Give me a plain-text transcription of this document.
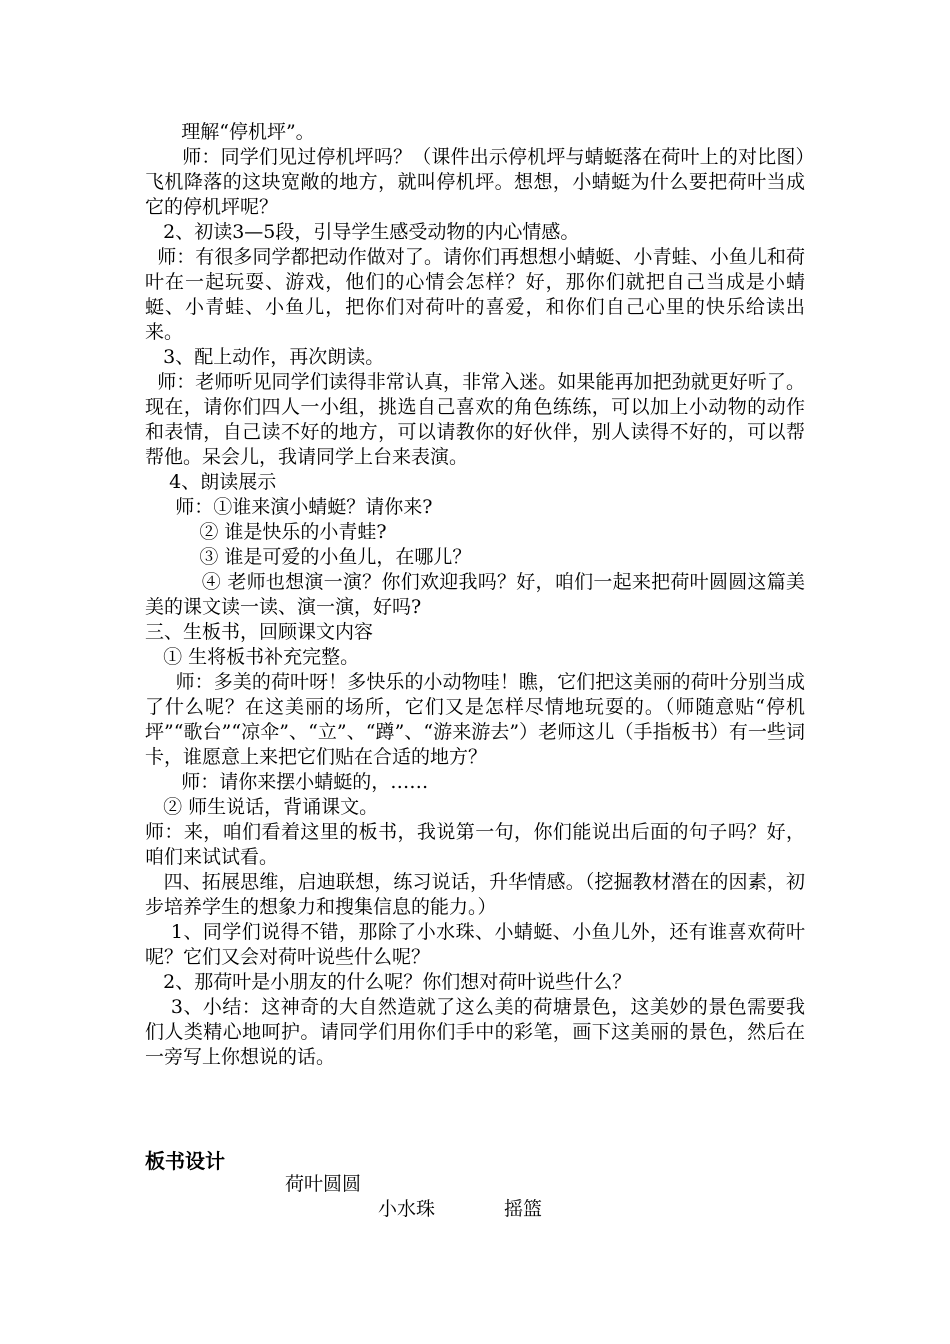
理解“停机坪”。

师：同学们见过停机坪吗？（课件出示停机坪与蜻蜓落在荷叶上的对比图）飞机降落的这块宽敞的地方，就叫停机坪。想想，小蜻蜓为什么要把荷叶当成它的停机坪呢？

2、初读3—5段，引导学生感受动物的内心情感。

师：有很多同学都把动作做对了。请你们再想想小蜻蜓、小青蛙、小鱼儿和荷叶在一起玩耍、游戏，他们的心情会怎样？好，那你们就把自己当成是小蜻蜓、小青蛙、小鱼儿，把你们对荷叶的喜爱，和你们自己心里的快乐给读出来。

3、配上动作，再次朗读。

师：老师听见同学们读得非常认真，非常入迷。如果能再加把劲就更好听了。现在，请你们四人一小组，挑选自己喜欢的角色练练，可以加上小动物的动作和表情，自己读不好的地方，可以请教你的好伙伴，别人读得不好的，可以帮帮他。呆会儿，我请同学上台来表演。

4、朗读展示

师：①谁来演小蜻蜓？请你来?

② 谁是快乐的小青蛙?

③ 谁是可爱的小鱼儿，在哪儿？

④ 老师也想演一演？你们欢迎我吗？好，咱们一起来把荷叶圆圆这篇美美的课文读一读、演一演，好吗?

三、生板书，回顾课文内容

① 生将板书补充完整。

师：多美的荷叶呀！多快乐的小动物哇！瞧，它们把这美丽的荷叶分别当成了什么呢？在这美丽的场所，它们又是怎样尽情地玩耍的。（师随意贴“停机坪”“歌台”“凉伞”、“立”、“蹲”、“游来游去”）老师这儿（手指板书）有一些词卡，谁愿意上来把它们贴在合适的地方？

师：请你来摆小蜻蜓的，……

② 师生说话，背诵课文。

师：来，咱们看着这里的板书，我说第一句，你们能说出后面的句子吗？好，咱们来试试看。

四、拓展思维，启迪联想，练习说话，升华情感。（挖掘教材潜在的因素，初步培养学生的想象力和搜集信息的能力。）

1、同学们说得不错，那除了小水珠、小蜻蜓、小鱼儿外，还有谁喜欢荷叶呢？它们又会对荷叶说些什么呢？

2、那荷叶是小朋友的什么呢？你们想对荷叶说些什么？

3、小结：这神奇的大自然造就了这么美的荷塘景色，这美妙的景色需要我们人类精心地呵护。请同学们用你们手中的彩笔，画下这美丽的景色，然后在一旁写上你想说的话。

板书设计
荷叶圆圆
小水珠	摇篮
